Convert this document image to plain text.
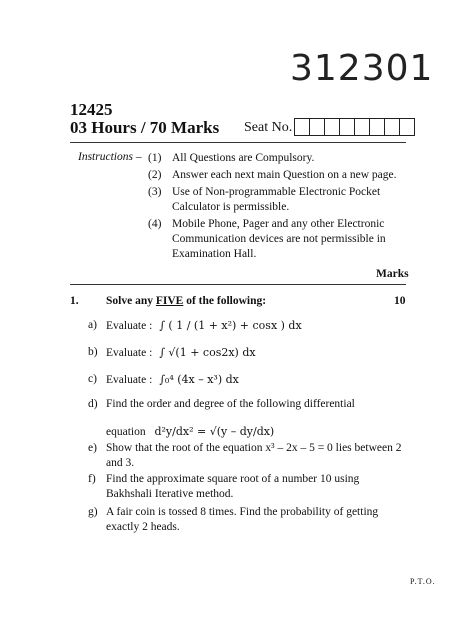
312301
12425
03 Hours / 70 Marks Seat No.
Instructions – (1) All Questions are Compulsory.
(2) Answer each next main Question on a new page.
(3) Use of Non-programmable Electronic Pocket Calculator is permissible.
(4) Mobile Phone, Pager and any other Electronic Communication devices are not permissible in Examination Hall.
Marks
1. Solve any FIVE of the following:	10
a) Evaluate : ∫ ( 1 / (1 + x²) + cosx ) dx
b) Evaluate : ∫ √(1 + cos2x) dx
c) Evaluate : ∫₀⁴ (4x – x³) dx
d) Find the order and degree of the following differential
equation d²y/dx² = √(y – dy/dx)
e) Show that the root of the equation x³ – 2x – 5 = 0 lies between 2 and 3.
f) Find the approximate square root of a number 10 using Bakhshali Iterative method.
g) A fair coin is tossed 8 times. Find the probability of getting exactly 2 heads.
P.T.O.
